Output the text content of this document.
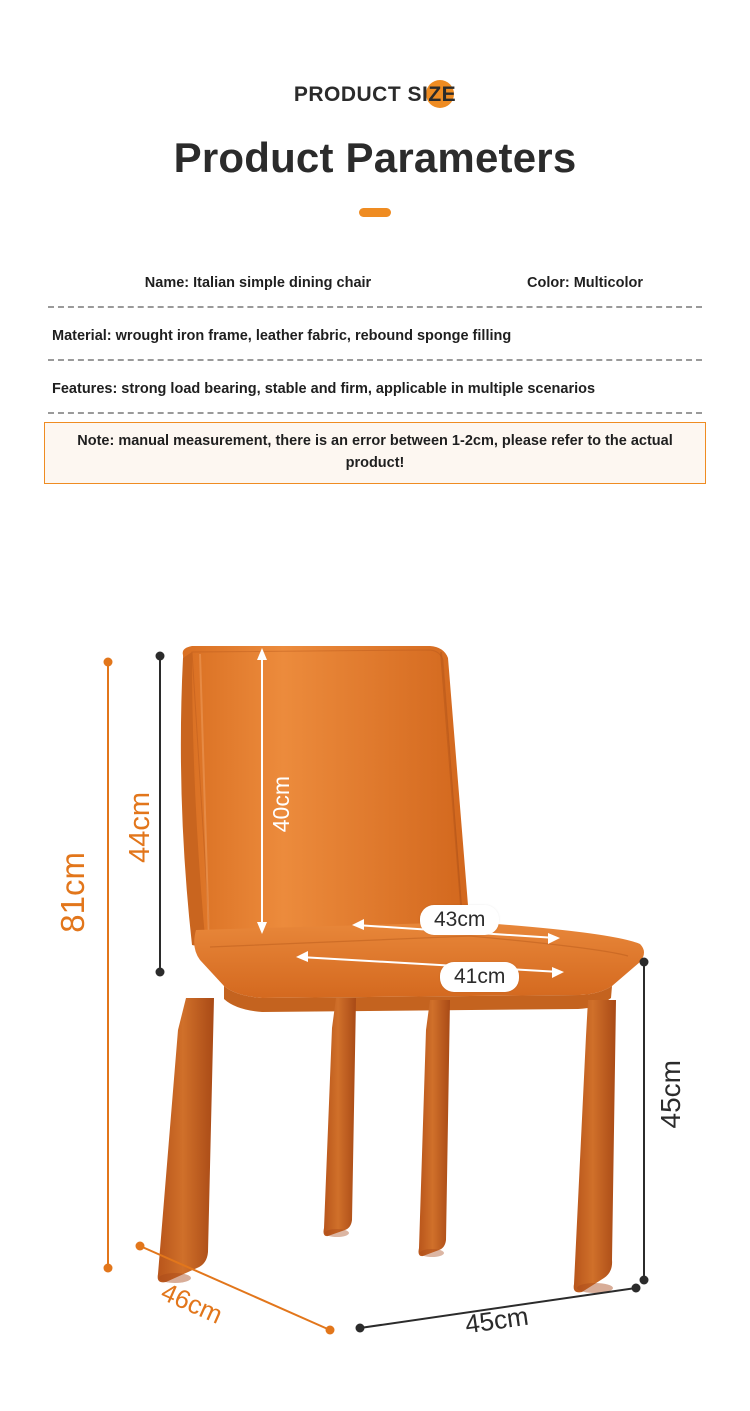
PRODUCT SIZE
Product Parameters
Name: Italian simple dining chair	Color: Multicolor
Material: wrought iron frame, leather fabric, rebound sponge filling
Features: strong load bearing, stable and firm, applicable in multiple scenarios
Note: manual measurement, there is an error between 1-2cm, please refer to the actual product!
81cm
44cm	40cm
43cm
41cm
45cm
46cm	45cm
